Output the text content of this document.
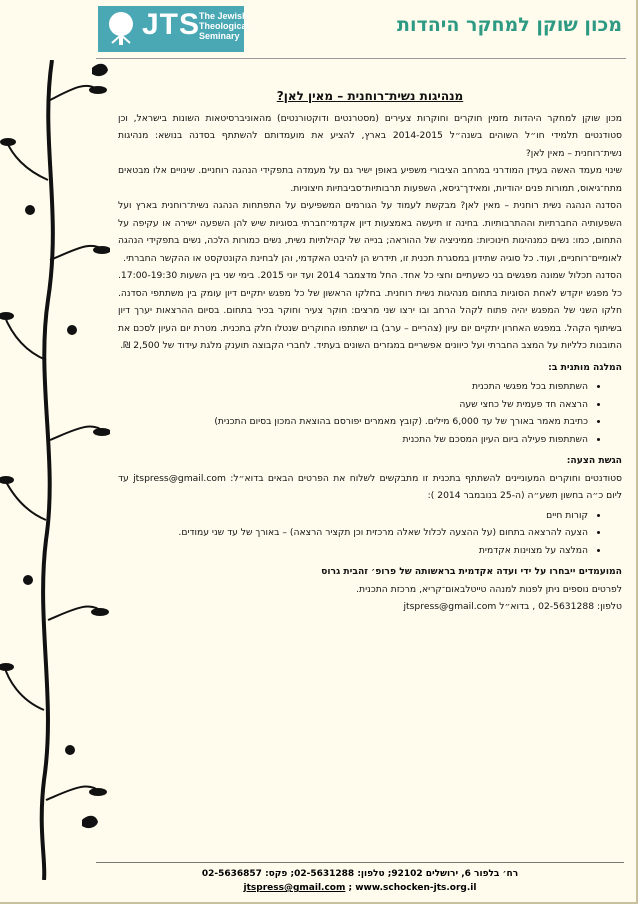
JTS
The Jewish
Theological
Seminary	מכון שוקן למחקר היהדות
מנהיגות נשית־רוחנית – מאין לאן?

מכון שוקן למחקר היהדות מזמין חוקרים וחוקרות צעירים (מסטרנטים ודוקטורנטים) מהאוניברסיטאות השונות בישראל, וכן סטודנטים תלמידי חו״ל השוהים בשנה״ל 2014-2015 בארץ, להציע את מועמדותם להשתתף בסדנה בנושא: מנהיגות נשית־רוחנית – מאין לאן?

שינוי מעמד האשה בעידן המודרני במרחב הציבורי משפיע באופן ישיר גם על מעמדה בתפקידי הנהגה רוחניים. שינויים אלו מבטאים מתח־גיאוס, תמורות פנים יהודיות, ומאידך־גיסא, השפעות תרבותיות־סביבתיות חיצוניות.

הסדנה הנהגה נשית רוחנית – מאין לאן? מבקשת לעמוד על הגורמים המשפיעים על התפתחות הנהגה נשית־רוחנית בארץ ועל השפעותיה החברתיות וההתרבותיות. בחינה זו תיעשה באמצעות דיון אקדמי־חברתי בסוגיות שיש להן השפעה ישירה או עקיפה על התחום, כמו: נשים כמנהיגות חינוכיות: ממיניציה של ההוראה; בנייה של קהילתיות נשית, נשים כמורות הלכה, נשים בתפקידי הנהגה לאומיים־רוחניים, ועוד. כל סוגיה שתידון במסגרת תכנית זו, תידרש הן להיבט האקדמי, והן לבחינת הקונטקסט או ההקשר החברתי.

הסדנה תכלול שמונה מפגשים בני כשעתיים וחצי כל אחד. החל מדצמבר 2014 ועד יוני 2015. בימי שני בין השעות 17:00-19:30. כל מפגש יוקדש לאחת הסוגיות בתחום מנהיגות נשית רוחנית. בחלקו הראשון של כל מפגש יתקיים דיון עומק בין משתתפי הסדנה. חלקו השני של המפגש יהיה פתוח לקהל הרחב ובו ירצו שני מרצים: חוקר צעיר וחוקר בכיר בתחום. בסיום ההרצאות יערך דיון בשיתוף הקהל. במפגש האחרון יתקיים יום עיון (צהריים – ערב) בו ישתתפו החוקרים שנטלו חלק בתכנית. מטרת יום העיון לסכם את התובנות כלליות על המצב החברתי ועל כיוונים אפשריים במגזרים השונים בעתיד. לחברי הקבוצה תוענק מלגת עידוד של 2,500 ₪.

המלגה מותנית ב:

• השתתפות בכל מפגשי התכנית
• הרצאה חד פעמית של כחצי שעה
• כתיבת מאמר באורך של עד 6,000 מילים. (קובץ מאמרים יפורסם בהוצאת המכון בסיום התכנית)
• השתתפות פעילה ביום העיון המסכם של התכנית

הגשת הצעה:

סטודנטים וחוקרים המעוניינים להשתתף בתכנית זו מתבקשים לשלוח את הפרטים הבאים בדוא״ל: jtspress@gmail.com עד ליום כ״ה בחשון תשע״ה (ה-25 בנובמבר 2014 ):

• קורות חיים
• הצעה להרצאה בתחום (על ההצעה לכלול שאלה מרכזית וכן תקציר הרצאה) – באורך של עד שני עמודים.
• המלצה על מצוינות אקדמית

המועמדים ייבחרו על ידי ועדה אקדמית בראשותה של פרופ׳ זהבית גרוס

לפרטים נוספים ניתן לפנות למנהה טייטלבאום־קריא, מרכזת התכנית.

טלפון: 02-5631288 , בדוא״ל jtspress@gmail.com

רח׳ בלפור 6, ירושלים 92102; טלפון: 02-5631288; פקס: 02-5636857
jtspress@gmail.com ; www.schocken-jts.org.il
